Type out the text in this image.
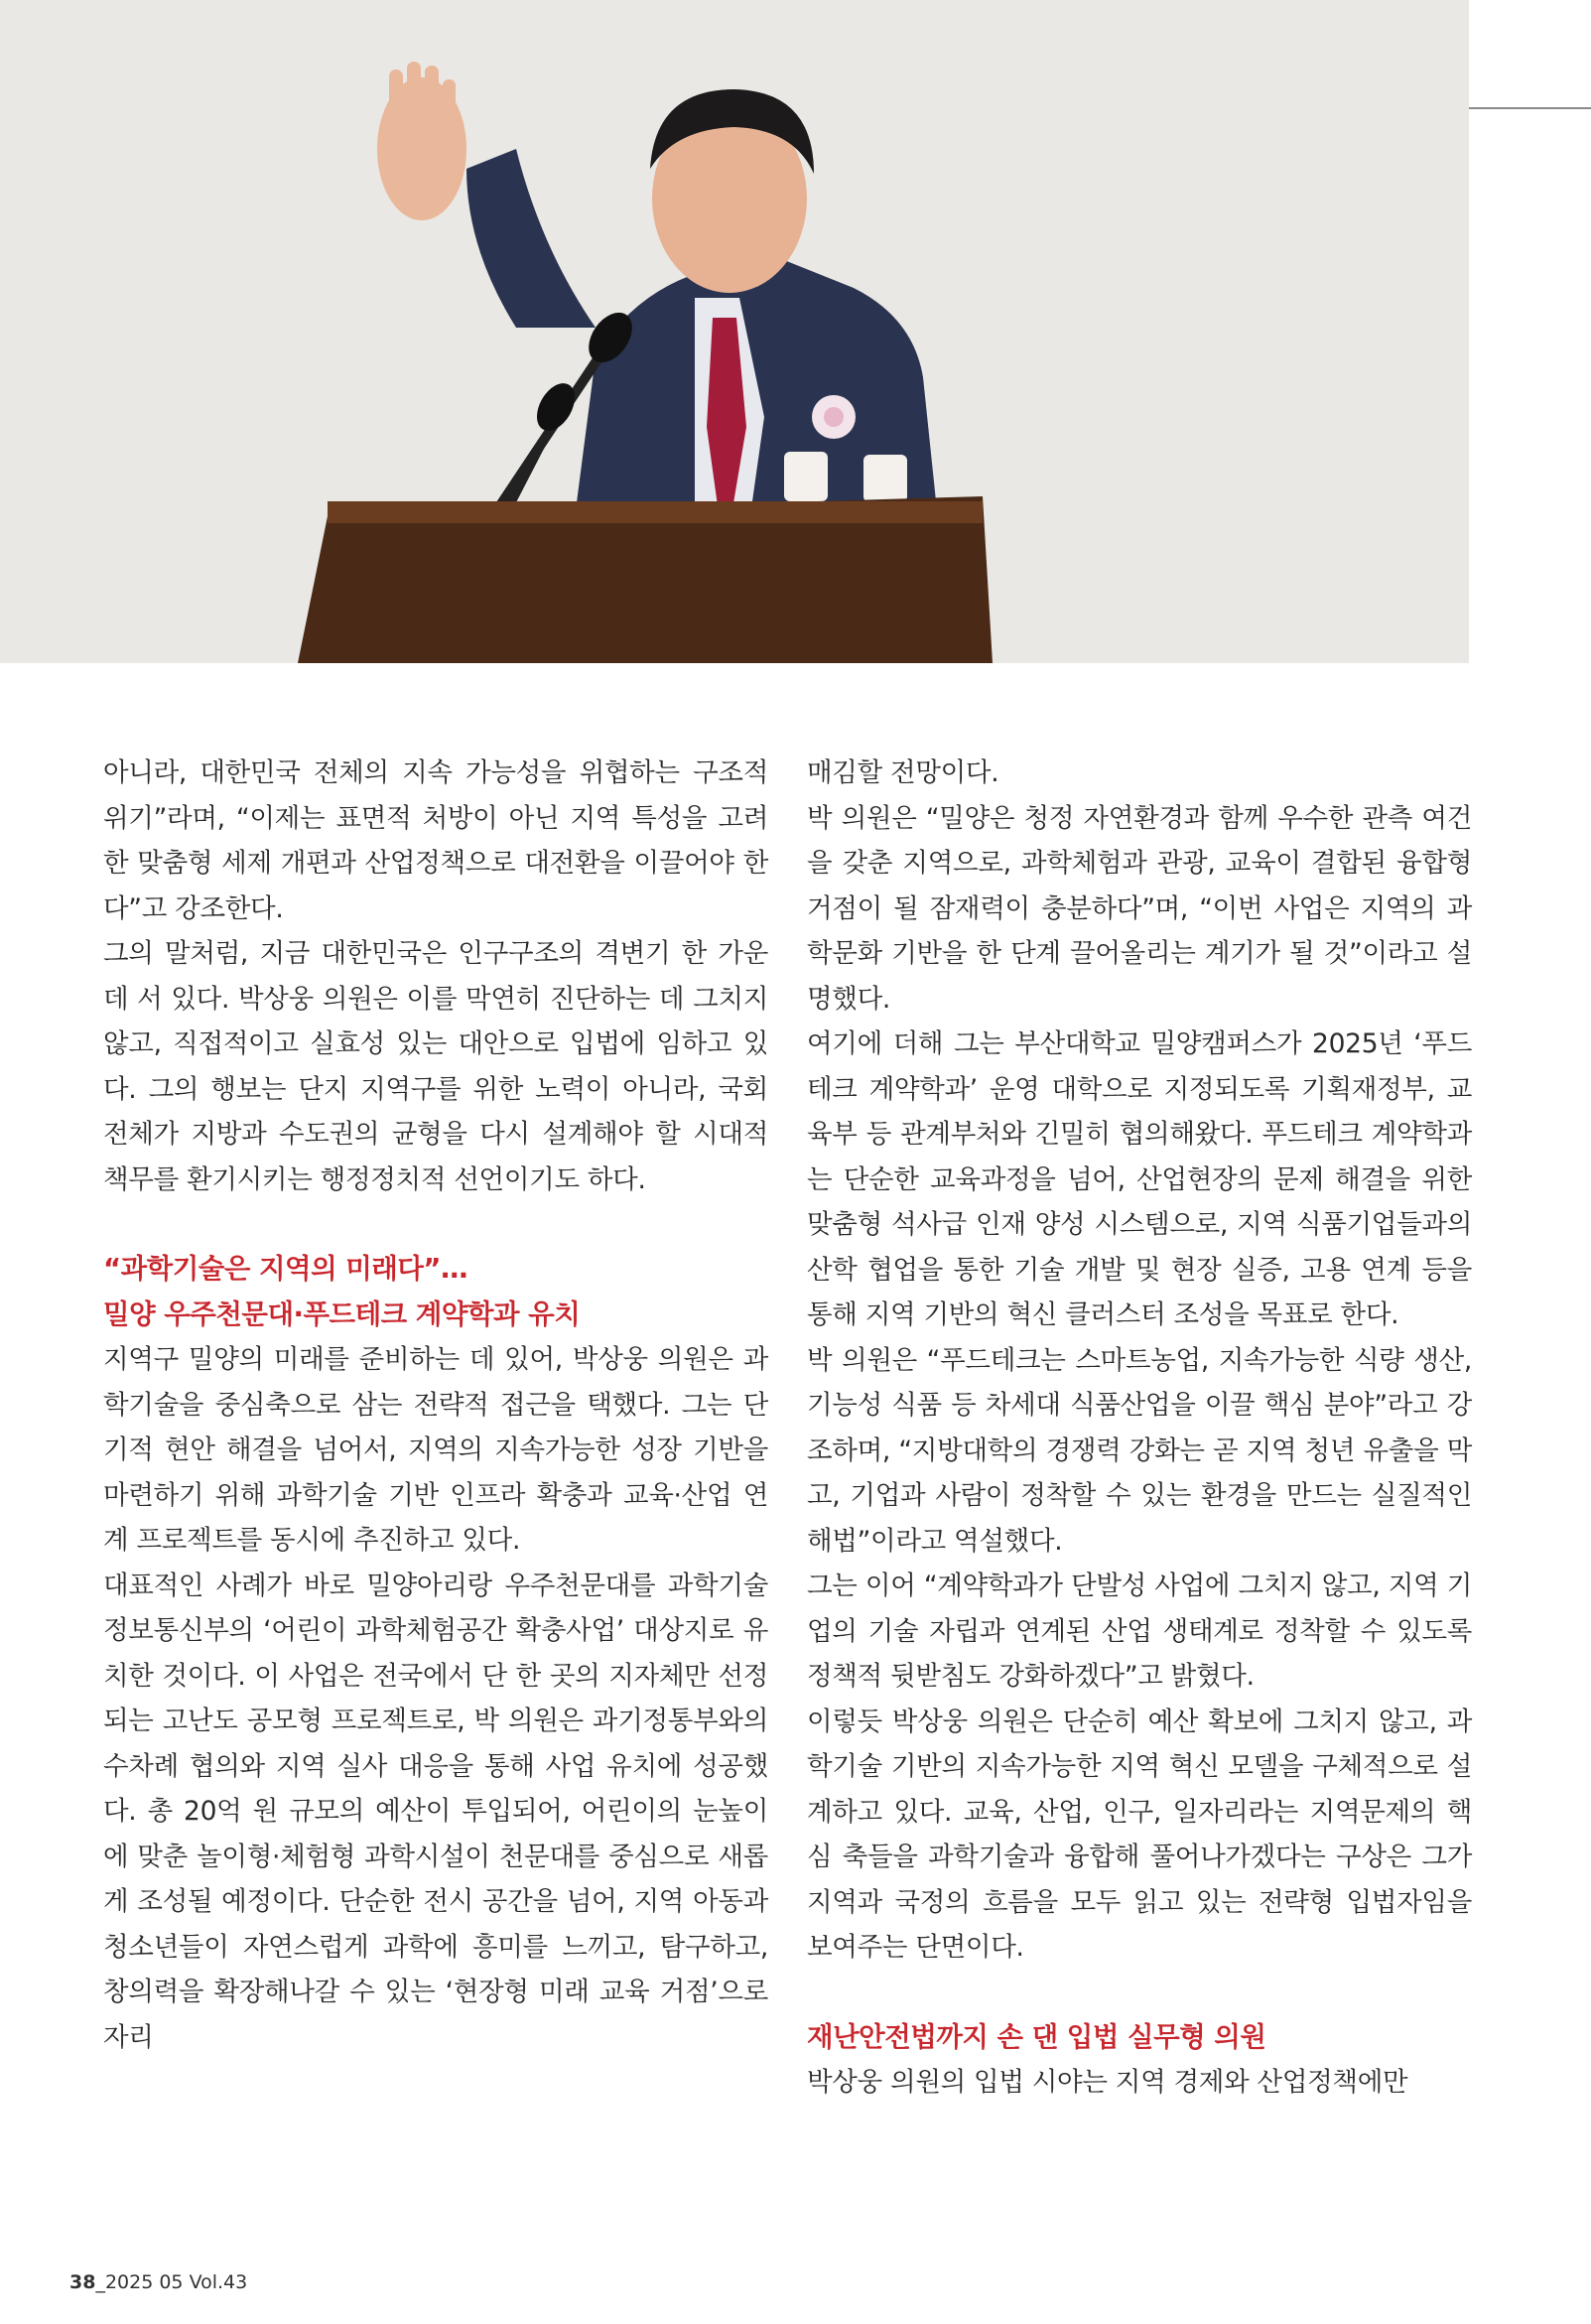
아니라, 대한민국 전체의 지속 가능성을 위협하는 구조적 위기”라며, “이제는 표면적 처방이 아닌 지역 특성을 고려한 맞춤형 세제 개편과 산업정책으로 대전환을 이끌어야 한다”고 강조한다.

그의 말처럼, 지금 대한민국은 인구구조의 격변기 한 가운데 서 있다. 박상웅 의원은 이를 막연히 진단하는 데 그치지 않고, 직접적이고 실효성 있는 대안으로 입법에 임하고 있다. 그의 행보는 단지 지역구를 위한 노력이 아니라, 국회 전체가 지방과 수도권의 균형을 다시 설계해야 할 시대적 책무를 환기시키는 행정정치적 선언이기도 하다.

“과학기술은 지역의 미래다”…

밀양 우주천문대·푸드테크 계약학과 유치

지역구 밀양의 미래를 준비하는 데 있어, 박상웅 의원은 과학기술을 중심축으로 삼는 전략적 접근을 택했다. 그는 단기적 현안 해결을 넘어서, 지역의 지속가능한 성장 기반을 마련하기 위해 과학기술 기반 인프라 확충과 교육·산업 연계 프로젝트를 동시에 추진하고 있다.

대표적인 사례가 바로 밀양아리랑 우주천문대를 과학기술정보통신부의 ‘어린이 과학체험공간 확충사업’ 대상지로 유치한 것이다. 이 사업은 전국에서 단 한 곳의 지자체만 선정되는 고난도 공모형 프로젝트로, 박 의원은 과기정통부와의 수차례 협의와 지역 실사 대응을 통해 사업 유치에 성공했다. 총 20억 원 규모의 예산이 투입되어, 어린이의 눈높이에 맞춘 놀이형·체험형 과학시설이 천문대를 중심으로 새롭게 조성될 예정이다. 단순한 전시 공간을 넘어, 지역 아동과 청소년들이 자연스럽게 과학에 흥미를 느끼고, 탐구하고, 창의력을 확장해나갈 수 있는 ‘현장형 미래 교육 거점’으로 자리

매김할 전망이다.

박 의원은 “밀양은 청정 자연환경과 함께 우수한 관측 여건을 갖춘 지역으로, 과학체험과 관광, 교육이 결합된 융합형 거점이 될 잠재력이 충분하다”며, “이번 사업은 지역의 과학문화 기반을 한 단계 끌어올리는 계기가 될 것”이라고 설명했다.

여기에 더해 그는 부산대학교 밀양캠퍼스가 2025년 ‘푸드테크 계약학과’ 운영 대학으로 지정되도록 기획재정부, 교육부 등 관계부처와 긴밀히 협의해왔다. 푸드테크 계약학과는 단순한 교육과정을 넘어, 산업현장의 문제 해결을 위한 맞춤형 석사급 인재 양성 시스템으로, 지역 식품기업들과의 산학 협업을 통한 기술 개발 및 현장 실증, 고용 연계 등을 통해 지역 기반의 혁신 클러스터 조성을 목표로 한다.

박 의원은 “푸드테크는 스마트농업, 지속가능한 식량 생산, 기능성 식품 등 차세대 식품산업을 이끌 핵심 분야”라고 강조하며, “지방대학의 경쟁력 강화는 곧 지역 청년 유출을 막고, 기업과 사람이 정착할 수 있는 환경을 만드는 실질적인 해법”이라고 역설했다.

그는 이어 “계약학과가 단발성 사업에 그치지 않고, 지역 기업의 기술 자립과 연계된 산업 생태계로 정착할 수 있도록 정책적 뒷받침도 강화하겠다”고 밝혔다.

이렇듯 박상웅 의원은 단순히 예산 확보에 그치지 않고, 과학기술 기반의 지속가능한 지역 혁신 모델을 구체적으로 설계하고 있다. 교육, 산업, 인구, 일자리라는 지역문제의 핵심 축들을 과학기술과 융합해 풀어나가겠다는 구상은 그가 지역과 국정의 흐름을 모두 읽고 있는 전략형 입법자임을 보여주는 단면이다.

재난안전법까지 손 댄 입법 실무형 의원

박상웅 의원의 입법 시야는 지역 경제와 산업정책에만

38_2025 05 Vol.43
